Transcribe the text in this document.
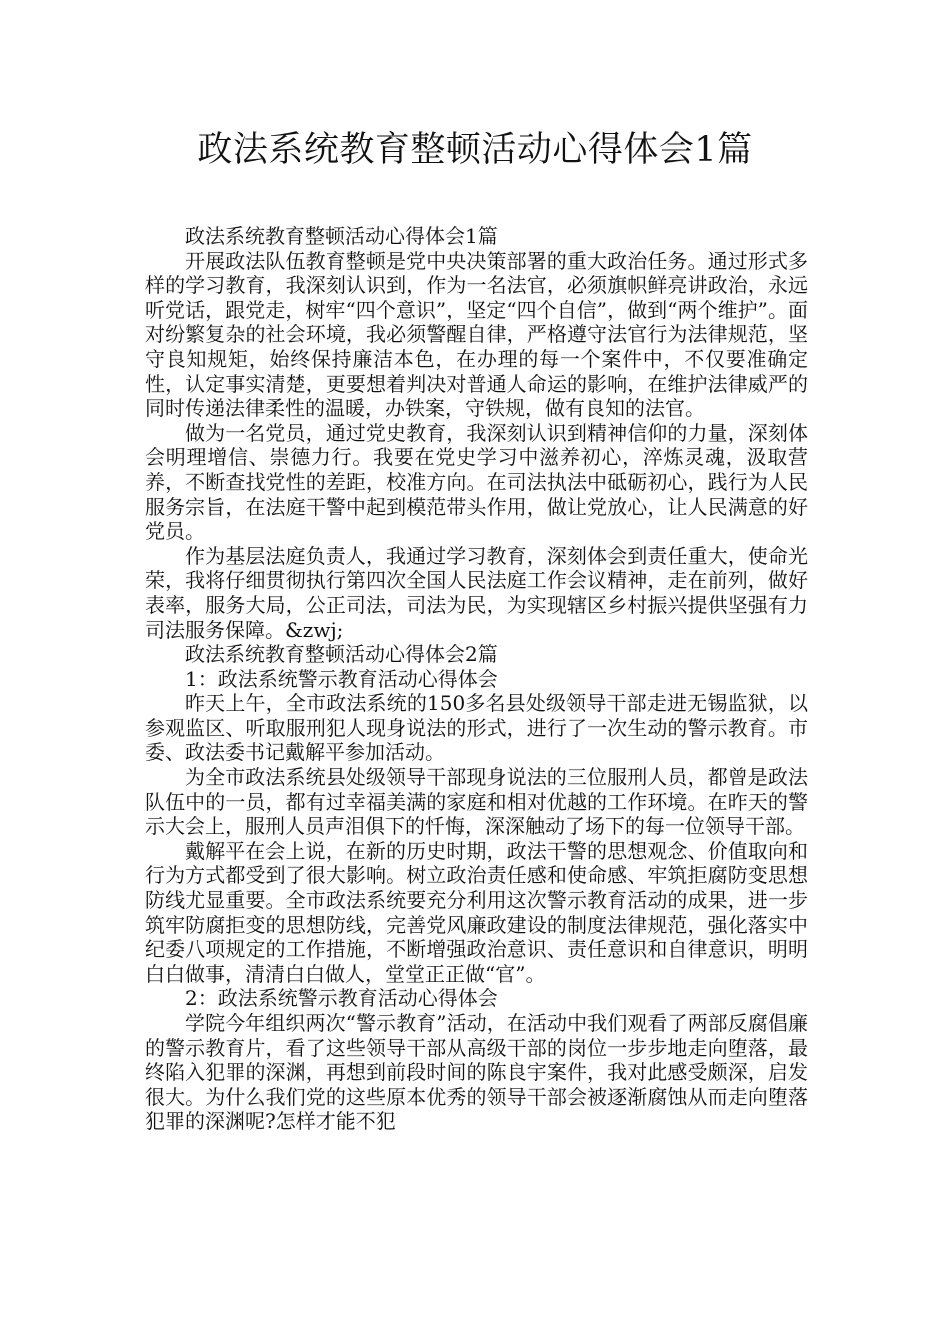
政法系统教育整顿活动心得体会1篇

政法系统教育整顿活动心得体会1篇

开展政法队伍教育整顿是党中央决策部署的重大政治任务。通过形式多样的学习教育，我深刻认识到，作为一名法官，必须旗帜鲜亮讲政治，永远听党话，跟党走，树牢“四个意识”，坚定“四个自信”，做到“两个维护”。面对纷繁复杂的社会环境，我必须警醒自律，严格遵守法官行为法律规范，坚守良知规矩，始终保持廉洁本色，在办理的每一个案件中，不仅要准确定性，认定事实清楚，更要想着判决对普通人命运的影响，在维护法律威严的同时传递法律柔性的温暖，办铁案，守铁规，做有良知的法官。

做为一名党员，通过党史教育，我深刻认识到精神信仰的力量，深刻体会明理增信、崇德力行。我要在党史学习中滋养初心，淬炼灵魂，汲取营养，不断查找党性的差距，校准方向。在司法执法中砥砺初心，践行为人民服务宗旨，在法庭干警中起到模范带头作用，做让党放心，让人民满意的好党员。

作为基层法庭负责人，我通过学习教育，深刻体会到责任重大，使命光荣，我将仔细贯彻执行第四次全国人民法庭工作会议精神，走在前列，做好表率，服务大局，公正司法，司法为民，为实现辖区乡村振兴提供坚强有力司法服务保障。&zwj;

政法系统教育整顿活动心得体会2篇

1：政法系统警示教育活动心得体会

昨天上午，全市政法系统的150多名县处级领导干部走进无锡监狱，以参观监区、听取服刑犯人现身说法的形式，进行了一次生动的警示教育。市委、政法委书记戴解平参加活动。

为全市政法系统县处级领导干部现身说法的三位服刑人员，都曾是政法队伍中的一员，都有过幸福美满的家庭和相对优越的工作环境。在昨天的警示大会上，服刑人员声泪俱下的忏悔，深深触动了场下的每一位领导干部。

戴解平在会上说，在新的历史时期，政法干警的思想观念、价值取向和行为方式都受到了很大影响。树立政治责任感和使命感、牢筑拒腐防变思想防线尤显重要。全市政法系统要充分利用这次警示教育活动的成果，进一步筑牢防腐拒变的思想防线，完善党风廉政建设的制度法律规范，强化落实中纪委八项规定的工作措施，不断增强政治意识、责任意识和自律意识，明明白白做事，清清白白做人，堂堂正正做“官”。

2：政法系统警示教育活动心得体会

学院今年组织两次“警示教育”活动，在活动中我们观看了两部反腐倡廉的警示教育片，看了这些领导干部从高级干部的岗位一步步地走向堕落，最终陷入犯罪的深渊，再想到前段时间的陈良宇案件，我对此感受颇深，启发很大。为什么我们党的这些原本优秀的领导干部会被逐渐腐蚀从而走向堕落犯罪的深渊呢?怎样才能不犯
